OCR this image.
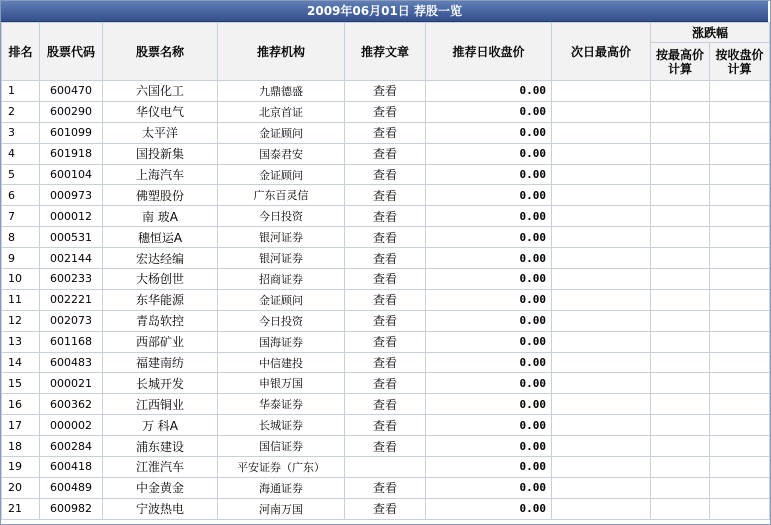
2009年06月01日 荐股一览
排名	股票代码	股票名称	推荐机构	推荐文章	推荐日收盘价	次日最高价	涨跌幅	

							按最高价计算	按收盘价计算

1	600470	六国化工	九鼎德盛	查看	0.00			
2	600290	华仪电气	北京首证	查看	0.00			
3	601099	太平洋	金证顾问	查看	0.00			
4	601918	国投新集	国泰君安	查看	0.00			
5	600104	上海汽车	金证顾问	查看	0.00			
6	000973	佛塑股份	广东百灵信	查看	0.00			
7	000012	南 玻A	今日投资	查看	0.00			
8	000531	穗恒运A	银河证券	查看	0.00			
9	002144	宏达经编	银河证券	查看	0.00			
10	600233	大杨创世	招商证券	查看	0.00			
11	002221	东华能源	金证顾问	查看	0.00			
12	002073	青岛软控	今日投资	查看	0.00			
13	601168	西部矿业	国海证券	查看	0.00			
14	600483	福建南纺	中信建投	查看	0.00			
15	000021	长城开发	申银万国	查看	0.00			
16	600362	江西铜业	华泰证券	查看	0.00			
17	000002	万 科A	长城证券	查看	0.00			
18	600284	浦东建设	国信证券	查看	0.00			
19	600418	江淮汽车	平安证券（广东）		0.00			
20	600489	中金黄金	海通证券	查看	0.00			
21	600982	宁波热电	河南万国	查看	0.00			
